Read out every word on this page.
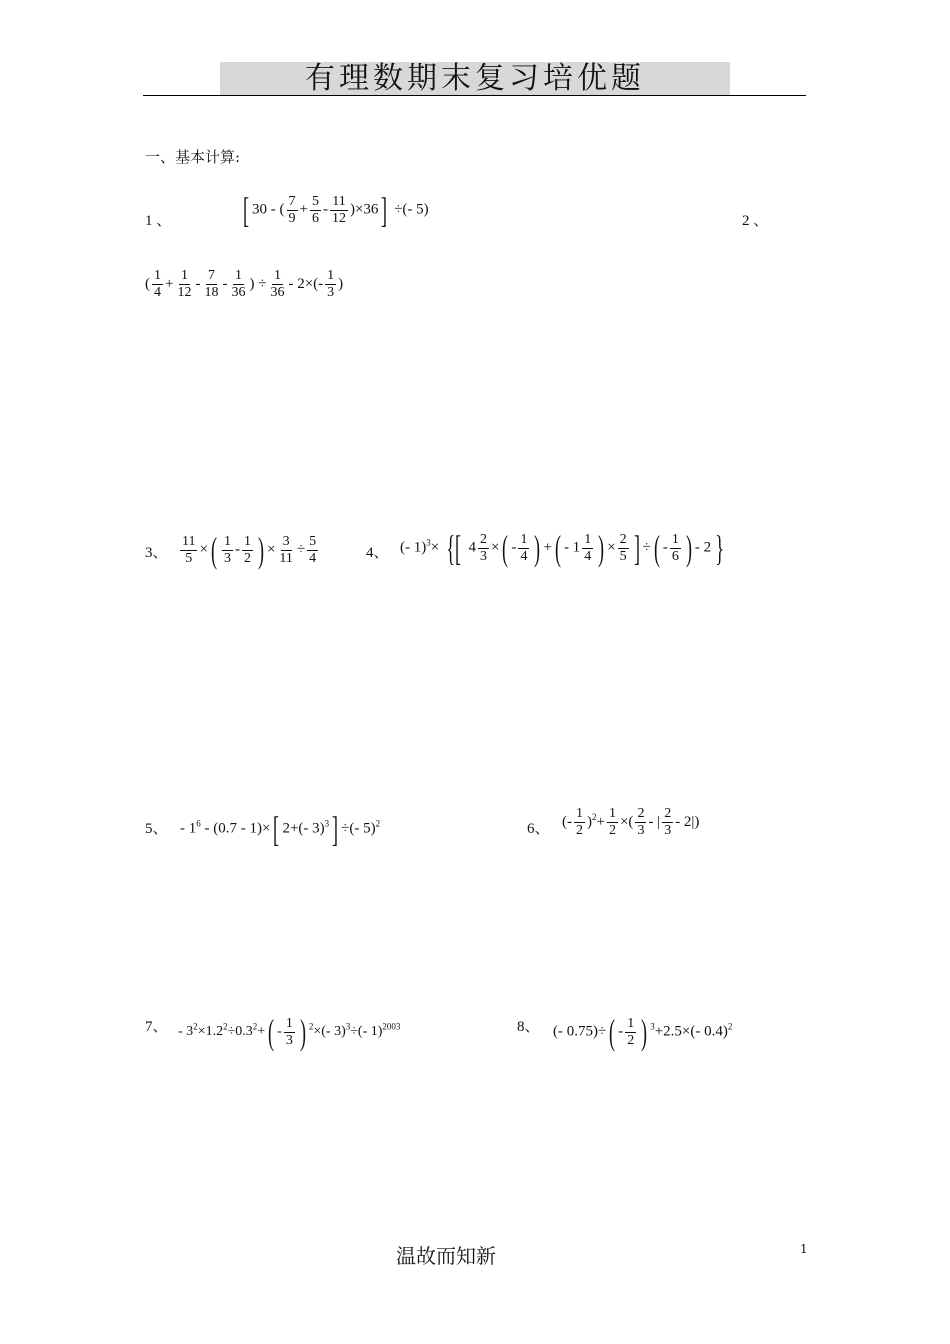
有理数期末复习培优题
一、基本计算:
1 、 [ 30 - ( $\frac{7}{9} + \frac{5}{6} - \frac{11}{12} )\times 36$] ÷(- 5)
2 、
( $\frac{1}{4} + \frac{1}{12} - \frac{7}{18} - \frac{1}{36}$ ) ÷ $\frac{1}{36} - 2\times(- \frac{1}{3}$ )
3、 $\frac{11}{5}$ ×( $\frac{1}{3} - \frac{1}{2}$ ) × $\frac{3}{11} \div \frac{5}{4}$	4、 (- 1)$^3$× {[ $4 \frac{2}{3}$ ×( - $\frac{1}{4}$ ) +( - $1 \frac{1}{4}$ ) × $\frac{2}{5}$ ] ÷( - $\frac{1}{6}$ ) - 2 }
5、 - $1^6 - (0.7 - 1)\times$[ 2+(- 3)$^3$] ÷(- 5)$^2$	6、 (- $\frac{1}{2} )^2+ \frac{1}{2}$ ×( $\frac{2}{3}$ - | $\frac{2}{3} - 2|$)
7、 - $3^2\times 1.2^2\div 0.3^2+( - \frac{1}{3}$ ) $^2$×(- 3)$^3$÷(- 1)$^{2003}$	8、 (- $0.75)\div( - \frac{1}{2}$ ) $^3$+2.5×(- 0.4)$^2$
温故而知新	1
